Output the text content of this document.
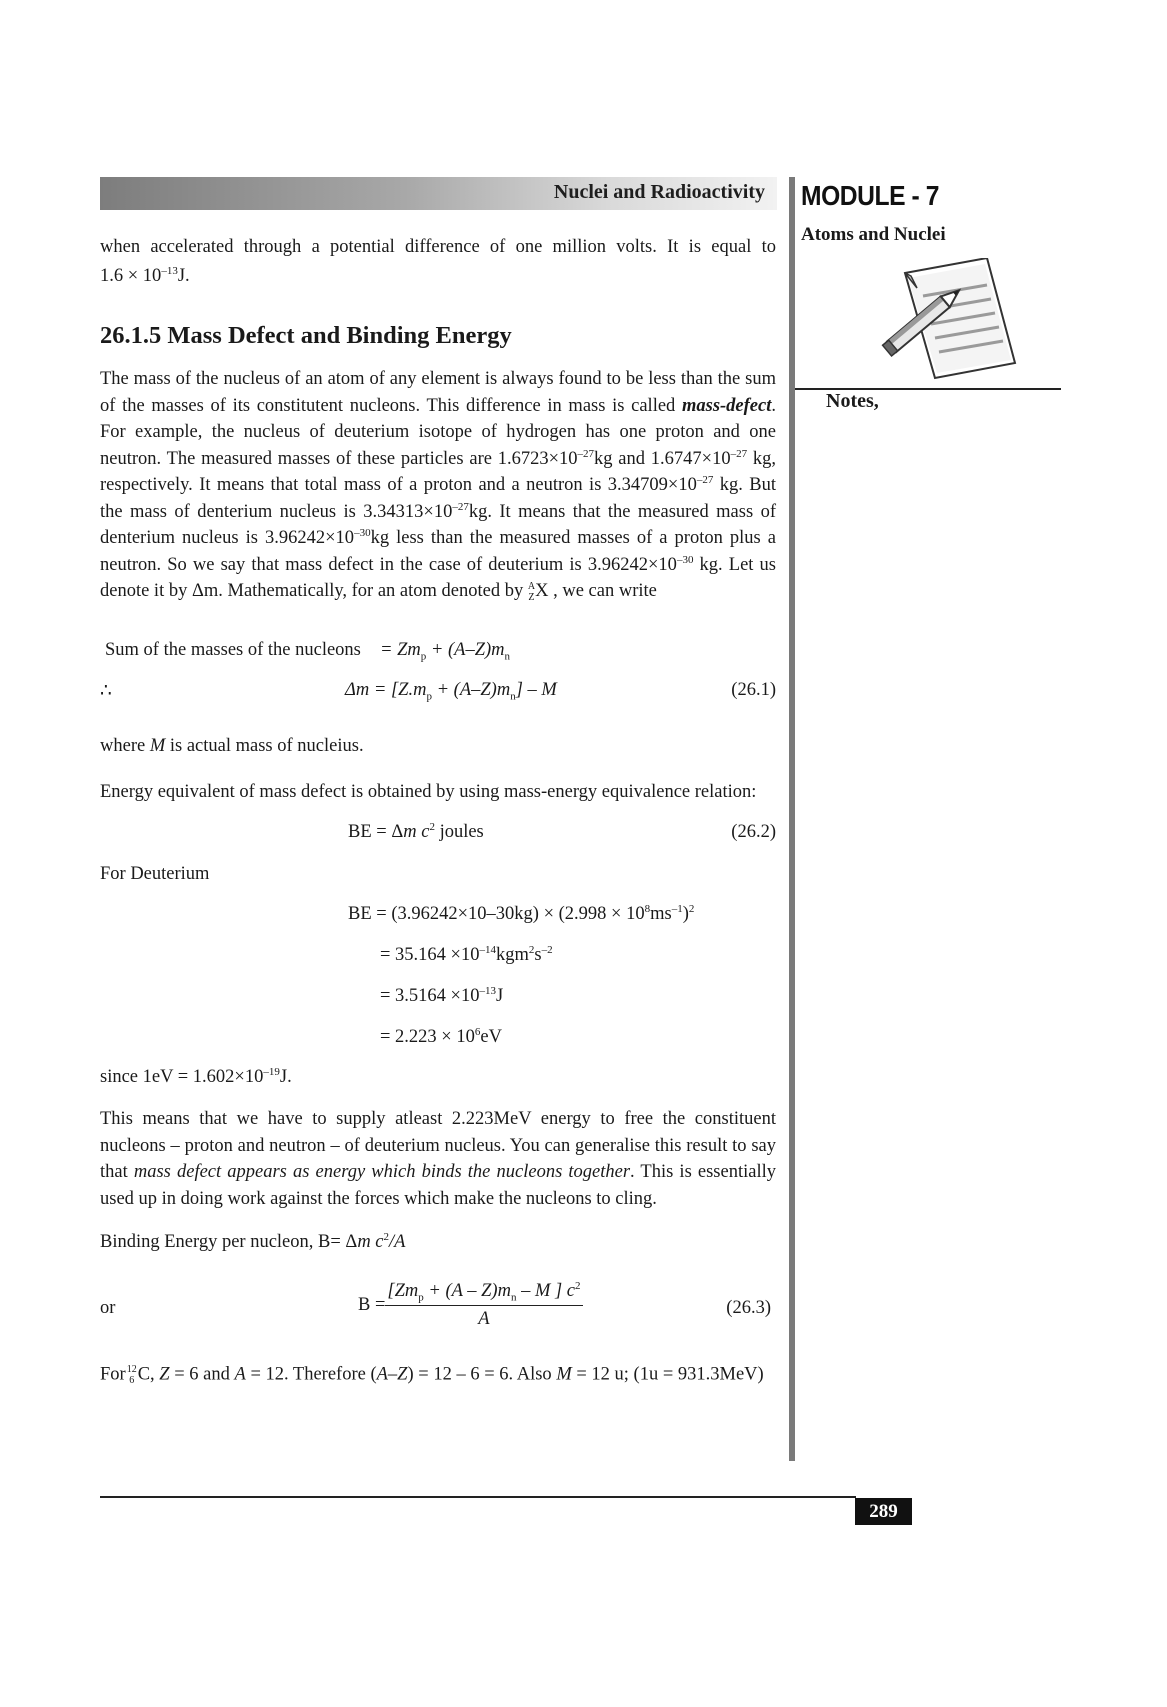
Nuclei and Radioactivity MODULE - 7
Atoms and Nuclei
Notes,
when accelerated through a potential difference of one million volts. It is equal to
$1.6 \times 10^{-13}J$.
26.1.5 Mass Defect and Binding Energy
The mass of the nucleus of an atom of any element is always found to be less than the sum of the masses of its constitutent nucleons. This difference in mass is called mass-defect. For example, the nucleus of deuterium isotope of hydrogen has one proton and one neutron. The measured masses of these particles are $1.6723\times 10^{-27}kg$ and $1.6747\times 10^{-27}$ kg, respectively. It means that total mass of a proton and a neutron is $3.34709\times 10^{-27}$ kg. But the mass of denterium nucleus is $3.34313\times 10^{-27}kg$. It means that the measured mass of denterium nucleus is $3.96242\times 10^{-30}kg$ less than the measured masses of a proton plus a neutron. So we say that mass defect in the case of deuterium is $3.96242\times 10^{-30}$ kg. Let us denote it by Δm. Mathematically, for an atom denoted by A
Z X , we can write
Sum of the masses of the nucleons = $Zm_p + (A-Z)m_n$
∴	$\Delta m = [Z.m_p + (A-Z)m_n] - M$	(26.1)
where M is actual mass of nucleius.
Energy equivalent of mass defect is obtained by using mass-energy equivalence relation:
BE = Δm $c^2$ joules	(26.2)
For Deuterium
BE = $(3.96242\times 10-30kg) \times (2.998 \times 10^8ms^{-1})^2$
= $35.164 \times 10^{-14}kgm^2s^{-2}$
= $3.5164 \times 10^{-13}J$
= $2.223 \times 10^6eV$
since $1eV = 1.602\times 10^{-19}J$.
This means that we have to supply atleast 2.223MeV energy to free the constituent nucleons – proton and neutron – of deuterium nucleus. You can generalise this result to say that mass defect appears as energy which binds the nucleons together. This is essentially used up in doing work against the forces which make the nucleons to cling.
Binding Energy per nucleon, B= Δm $c^2/A$
or	$B = \frac{[Zm_p + (A - Z)m_n - M ] c^2}{A}$	(26.3)
For 12
6 C, Z = 6 and A = 12. Therefore (A–Z) = 12 – 6 = 6. Also M = 12 u; (1u = 931.3MeV)
289
